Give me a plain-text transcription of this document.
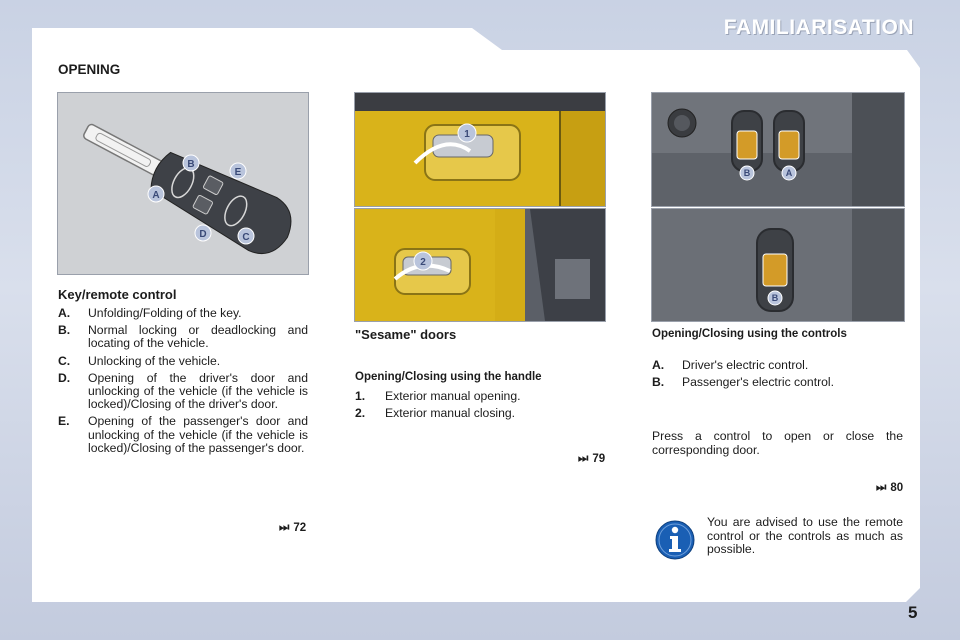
FAMILIARISATION
OPENING
B
E
A
D	C
Key/remote control
A.	Unfolding/Folding of the key.
B.	Normal locking or deadlocking and locating of the vehicle.
C.	Unlocking of the vehicle.
D.	Opening of the driver's door and unlocking of the vehicle (if the vehicle is locked)/Closing of the driver's door.
E.	Opening of the passenger's door and unlocking of the vehicle (if the vehicle is locked)/Closing of the passenger's door.
⏭ 72
1
2
"Sesame" doors
Opening/Closing using the handle
1.	Exterior manual opening.
2.	Exterior manual closing.
⏭ 79
B	A
B
Opening/Closing using the controls
A.	Driver's electric control.
B.	Passenger's electric control.
Press a control to open or close the corresponding door.
⏭ 80
You are advised to use the remote control or the controls as much as possible.
5
